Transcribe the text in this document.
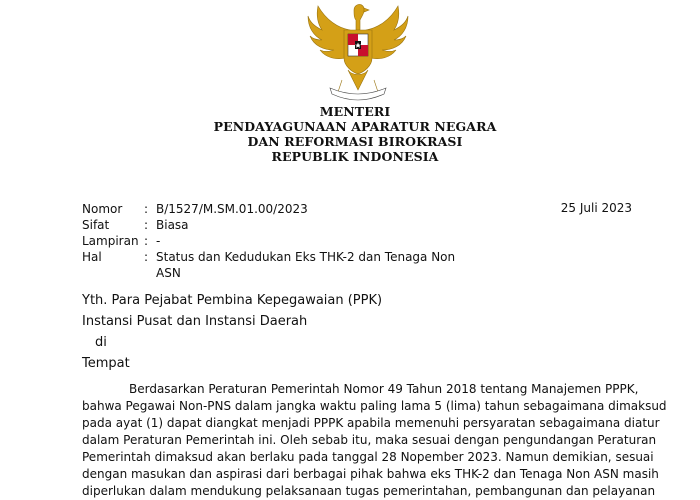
MENTERI
PENDAYAGUNAAN APARATUR NEGARA
DAN REFORMASI BIROKRASI
REPUBLIK INDONESIA
Nomor	: B/1527/M.SM.01.00/2023
Sifat	: Biasa
Lampiran : -
Hal	: Status dan Kedudukan Eks THK-2 dan Tenaga Non
ASN
25 Juli 2023
Yth. Para Pejabat Pembina Kepegawaian (PPK)
Instansi Pusat dan Instansi Daerah
di
Tempat
Berdasarkan Peraturan Pemerintah Nomor 49 Tahun 2018 tentang Manajemen PPPK,
bahwa Pegawai Non-PNS dalam jangka waktu paling lama 5 (lima) tahun sebagaimana dimaksud
pada ayat (1) dapat diangkat menjadi PPPK apabila memenuhi persyaratan sebagaimana diatur
dalam Peraturan Pemerintah ini. Oleh sebab itu, maka sesuai dengan pengundangan Peraturan
Pemerintah dimaksud akan berlaku pada tanggal 28 Nopember 2023. Namun demikian, sesuai
dengan masukan dan aspirasi dari berbagai pihak bahwa eks THK-2 dan Tenaga Non ASN masih
diperlukan dalam mendukung pelaksanaan tugas pemerintahan, pembangunan dan pelayanan
